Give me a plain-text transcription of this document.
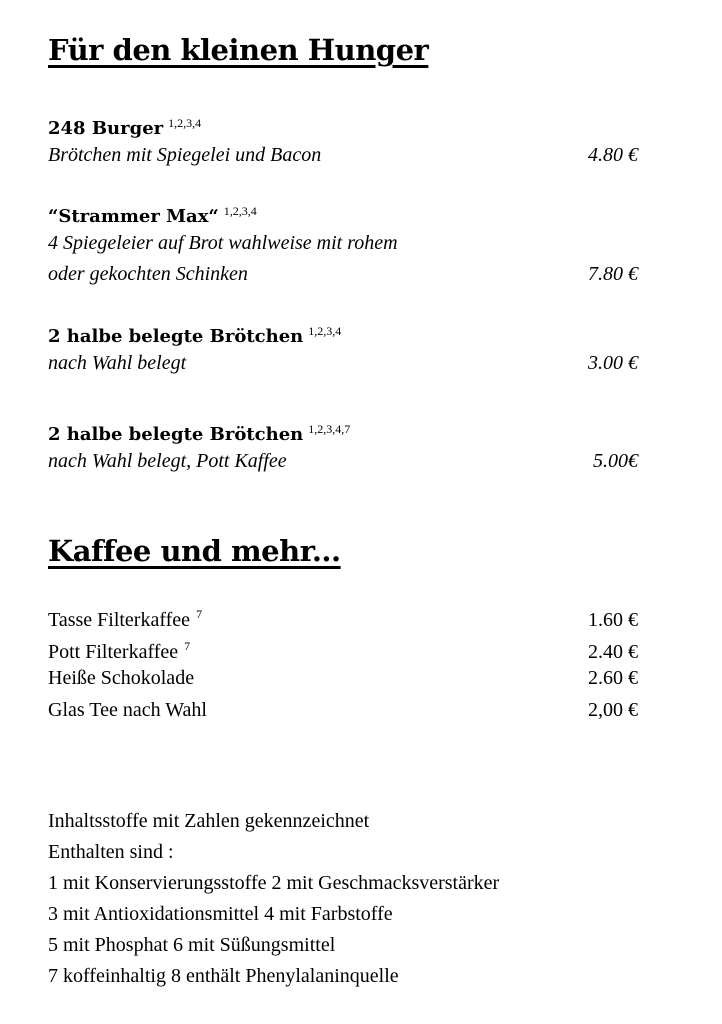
Für den kleinen Hunger
248 Burger $^{1,2,3,4}$
Brötchen mit Spiegelei und Bacon	4.80 €
“Strammer Max“ $^{1,2,3,4}$
4 Spiegeleier auf Brot wahlweise mit rohem
oder gekochten Schinken	7.80 €
2 halbe belegte Brötchen $^{1,2,3,4}$
nach Wahl belegt	3.00 €
2 halbe belegte Brötchen $^{1,2,3,4,7}$
nach Wahl belegt, Pott Kaffee	5.00€
Kaffee und mehr...
Tasse Filterkaffee $^7$	1.60 €
Pott Filterkaffee $^7$	2.40 €
Heiße Schokolade	2.60 €
Glas Tee nach Wahl	2,00 €
Inhaltsstoffe mit Zahlen gekennzeichnet
Enthalten sind :
1 mit Konservierungsstoffe 2 mit Geschmacksverstärker
3 mit Antioxidationsmittel 4 mit Farbstoffe
5 mit Phosphat 6 mit Süßungsmittel
7 koffeinhaltig 8 enthält Phenylalaninquelle
